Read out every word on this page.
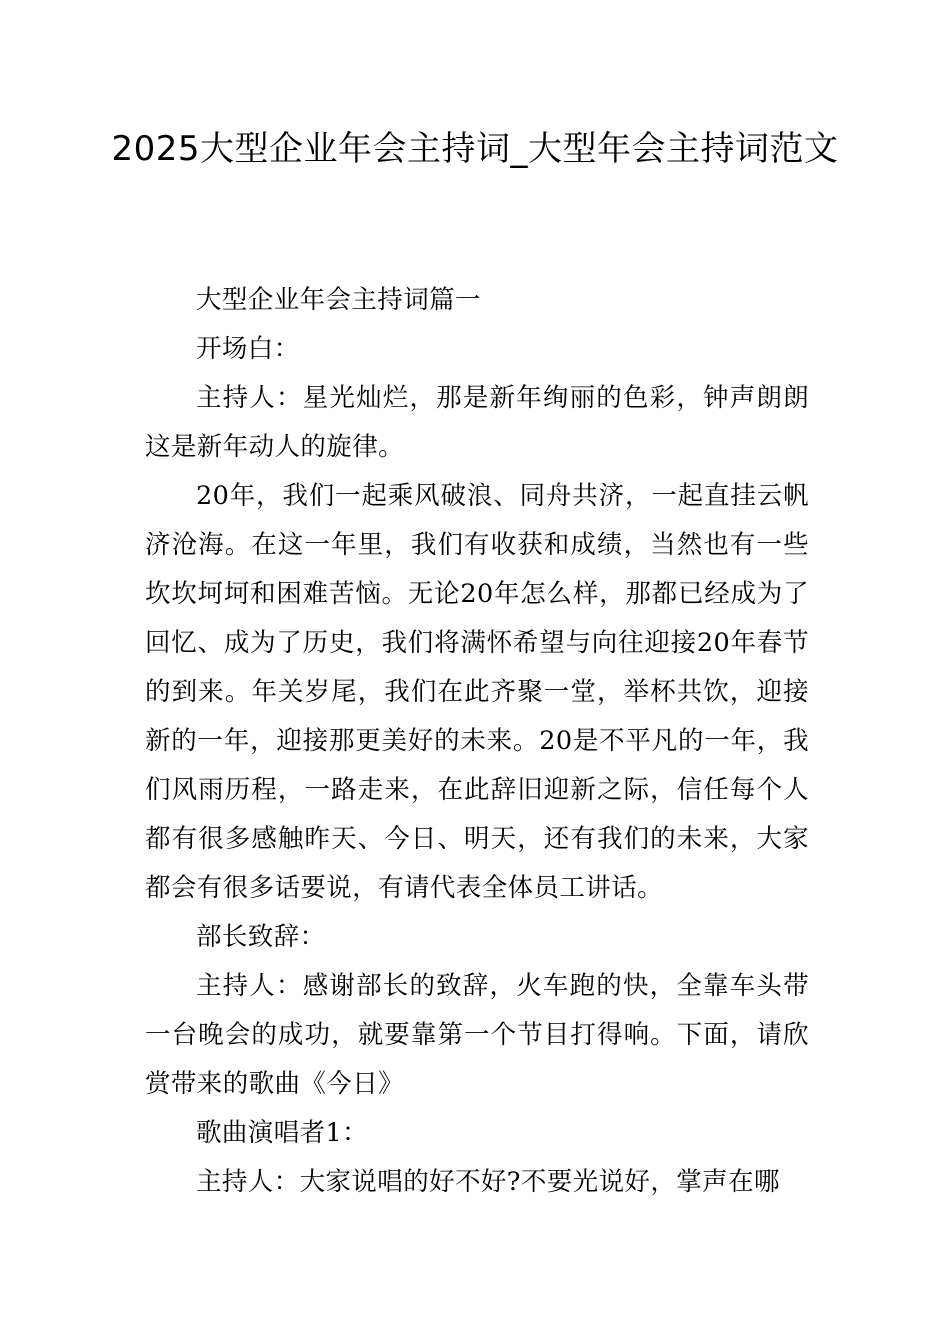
2025大型企业年会主持词_大型年会主持词范文

大型企业年会主持词篇一

开场白：

主持人：星光灿烂，那是新年绚丽的色彩，钟声朗朗这是新年动人的旋律。

20年，我们一起乘风破浪、同舟共济，一起直挂云帆济沧海。在这一年里，我们有收获和成绩，当然也有一些坎坎坷坷和困难苦恼。无论20年怎么样，那都已经成为了回忆、成为了历史，我们将满怀希望与向往迎接20年春节的到来。年关岁尾，我们在此齐聚一堂，举杯共饮，迎接新的一年，迎接那更美好的未来。20是不平凡的一年，我们风雨历程，一路走来，在此辞旧迎新之际，信任每个人都有很多感触昨天、今日、明天，还有我们的未来，大家都会有很多话要说，有请代表全体员工讲话。

部长致辞：

主持人：感谢部长的致辞，火车跑的快，全靠车头带一台晚会的成功，就要靠第一个节目打得响。下面，请欣赏带来的歌曲《今日》

歌曲演唱者1：

主持人：大家说唱的好不好?不要光说好，掌声在哪
